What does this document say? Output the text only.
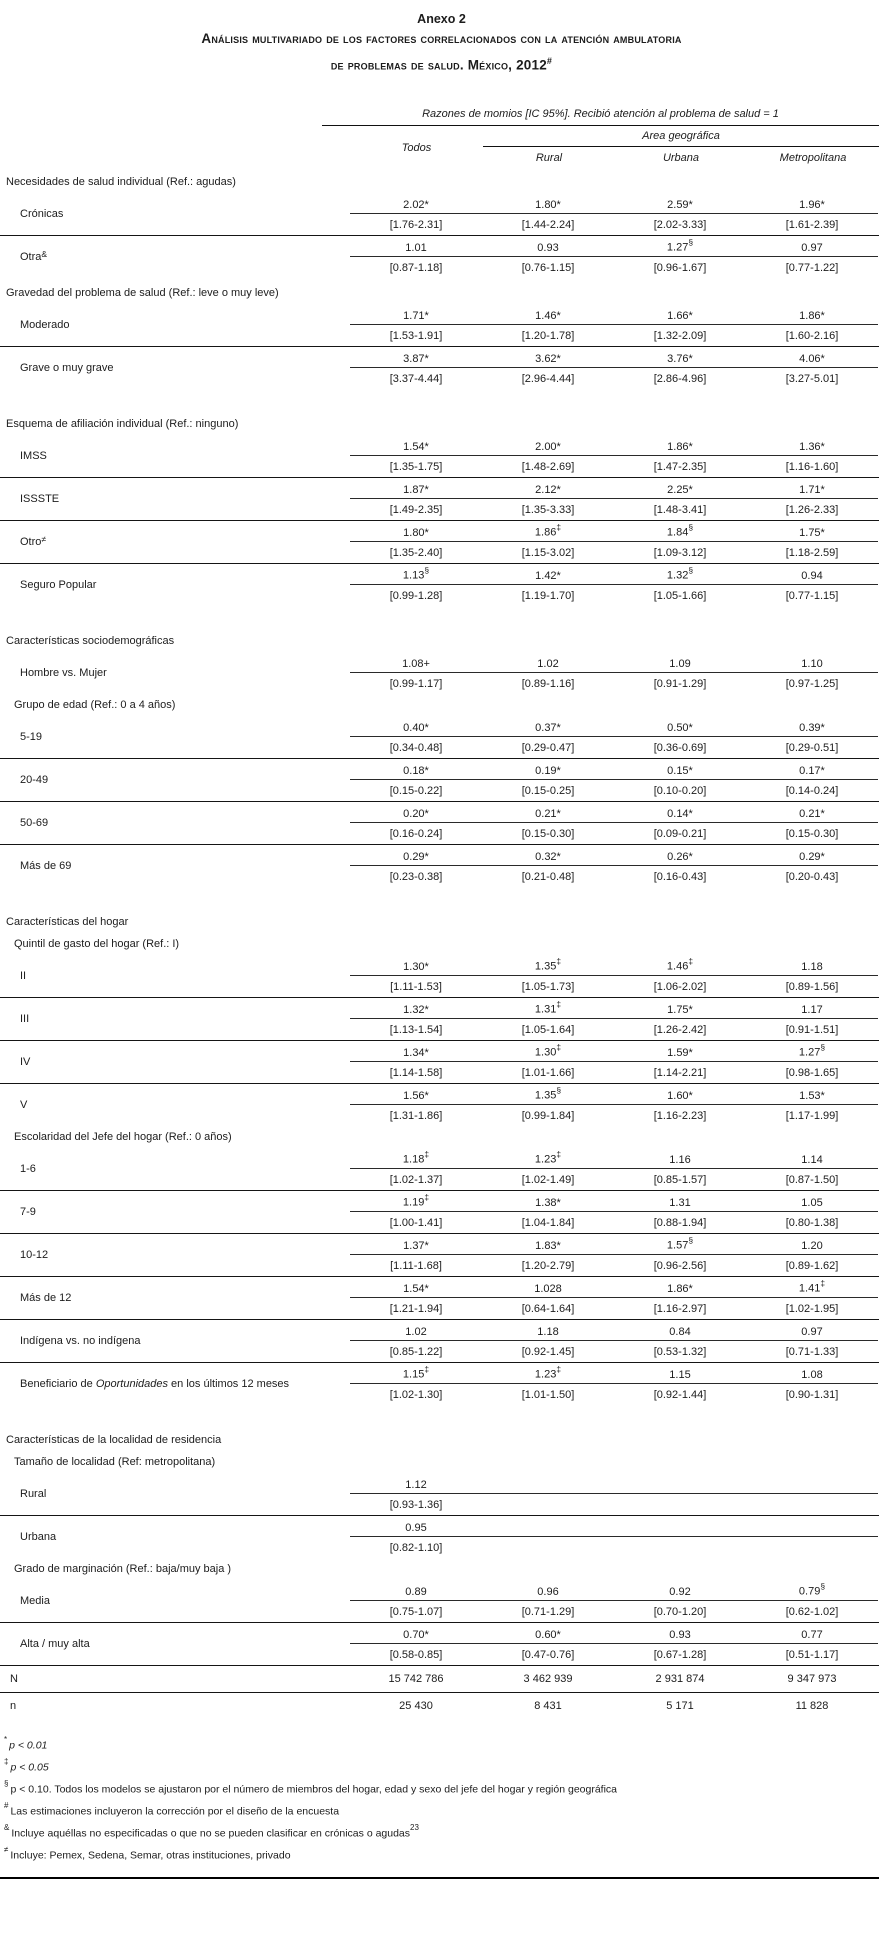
Anexo 2
Análisis multivariado de los factores correlacionados con la atención ambulatoria
de problemas de salud. México, 2012#
Razones de momios [IC 95%]. Recibió atención al problema de salud = 1
Todos
Area geográfica
Rural	Urbana	Metropolitana
Necesidades de salud individual (Ref.: agudas)
Crónicas
2.02*	1.80*	2.59*	1.96*
[1.76-2.31]	[1.44-2.24]	[2.02-3.33]	[1.61-2.39]
Otra&	1.01	0.93	1.27§	0.97
[0.87-1.18]	[0.76-1.15]	[0.96-1.67]	[0.77-1.22]
Gravedad del problema de salud (Ref.: leve o muy leve)
Moderado
1.71*	1.46*	1.66*	1.86*
[1.53-1.91]	[1.20-1.78]	[1.32-2.09]	[1.60-2.16]
Grave o muy grave
3.87*	3.62*	3.76*	4.06*
[3.37-4.44]	[2.96-4.44]	[2.86-4.96]	[3.27-5.01]
Esquema de afiliación individual (Ref.: ninguno)
IMSS
1.54*	2.00*	1.86*	1.36*
[1.35-1.75]	[1.48-2.69]	[1.47-2.35]	[1.16-1.60]
ISSSTE
1.87*	2.12*	2.25*	1.71*
[1.49-2.35]	[1.35-3.33]	[1.48-3.41]	[1.26-2.33]
Otro≠	1.80*	1.86‡	1.84§	1.75*
[1.35-2.40]	[1.15-3.02]	[1.09-3.12]	[1.18-2.59]
Seguro Popular
1.13§	1.42*	1.32§	0.94
[0.99-1.28]	[1.19-1.70]	[1.05-1.66]	[0.77-1.15]
Características sociodemográficas
Hombre vs. Mujer
1.08+	1.02	1.09	1.10
[0.99-1.17]	[0.89-1.16]	[0.91-1.29]	[0.97-1.25]
Grupo de edad (Ref.: 0 a 4 años)
5-19
0.40*	0.37*	0.50*	0.39*
[0.34-0.48]	[0.29-0.47]	[0.36-0.69]	[0.29-0.51]
20-49
0.18*	0.19*	0.15*	0.17*
[0.15-0.22]	[0.15-0.25]	[0.10-0.20]	[0.14-0.24]
50-69
0.20*	0.21*	0.14*	0.21*
[0.16-0.24]	[0.15-0.30]	[0.09-0.21]	[0.15-0.30]
Más de 69
0.29*	0.32*	0.26*	0.29*
[0.23-0.38]	[0.21-0.48]	[0.16-0.43]	[0.20-0.43]
Características del hogar
Quintil de gasto del hogar (Ref.: I)
II
1.30*	1.35‡	1.46‡	1.18
[1.11-1.53]	[1.05-1.73]	[1.06-2.02]	[0.89-1.56]
III
1.32*	1.31‡	1.75*	1.17
[1.13-1.54]	[1.05-1.64]	[1.26-2.42]	[0.91-1.51]
IV
1.34*	1.30‡	1.59*	1.27§
[1.14-1.58]	[1.01-1.66]	[1.14-2.21]	[0.98-1.65]
V
1.56*	1.35§	1.60*	1.53*
[1.31-1.86]	[0.99-1.84]	[1.16-2.23]	[1.17-1.99]
Escolaridad del Jefe del hogar (Ref.: 0 años)
1-6
1.18‡	1.23‡	1.16	1.14
[1.02-1.37]	[1.02-1.49]	[0.85-1.57]	[0.87-1.50]
7-9
1.19‡	1.38*	1.31	1.05
[1.00-1.41]	[1.04-1.84]	[0.88-1.94]	[0.80-1.38]
10-12
1.37*	1.83*	1.57§	1.20
[1.11-1.68]	[1.20-2.79]	[0.96-2.56]	[0.89-1.62]
Más de 12
1.54*	1.028	1.86*	1.41‡
[1.21-1.94]	[0.64-1.64]	[1.16-2.97]	[1.02-1.95]
Indígena vs. no indígena
1.02	1.18	0.84	0.97
[0.85-1.22]	[0.92-1.45]	[0.53-1.32]	[0.71-1.33]
Beneficiario de Oportunidades en los últimos 12 meses
1.15‡	1.23‡	1.15	1.08
[1.02-1.30]	[1.01-1.50]	[0.92-1.44]	[0.90-1.31]
Características de la localidad de residencia
Tamaño de localidad (Ref: metropolitana)
Rural
1.12
[0.93-1.36]
Urbana
0.95
[0.82-1.10]
Grado de marginación (Ref.: baja/muy baja )
Media
0.89	0.96	0.92	0.79§
[0.75-1.07]	[0.71-1.29]	[0.70-1.20]	[0.62-1.02]
Alta / muy alta
0.70*	0.60*	0.93	0.77
[0.58-0.85]	[0.47-0.76]	[0.67-1.28]	[0.51-1.17]
N	15 742 786	3 462 939	2 931 874	9 347 973
n	25 430	8 431	5 171	11 828
* p < 0.01
‡ p < 0.05
§ p < 0.10. Todos los modelos se ajustaron por el número de miembros del hogar, edad y sexo del jefe del hogar y región geográfica
# Las estimaciones incluyeron la corrección por el diseño de la encuesta
& Incluye aquéllas no especificadas o que no se pueden clasificar en crónicas o agudas$^{23}$
≠ Incluye: Pemex, Sedena, Semar, otras instituciones, privado
